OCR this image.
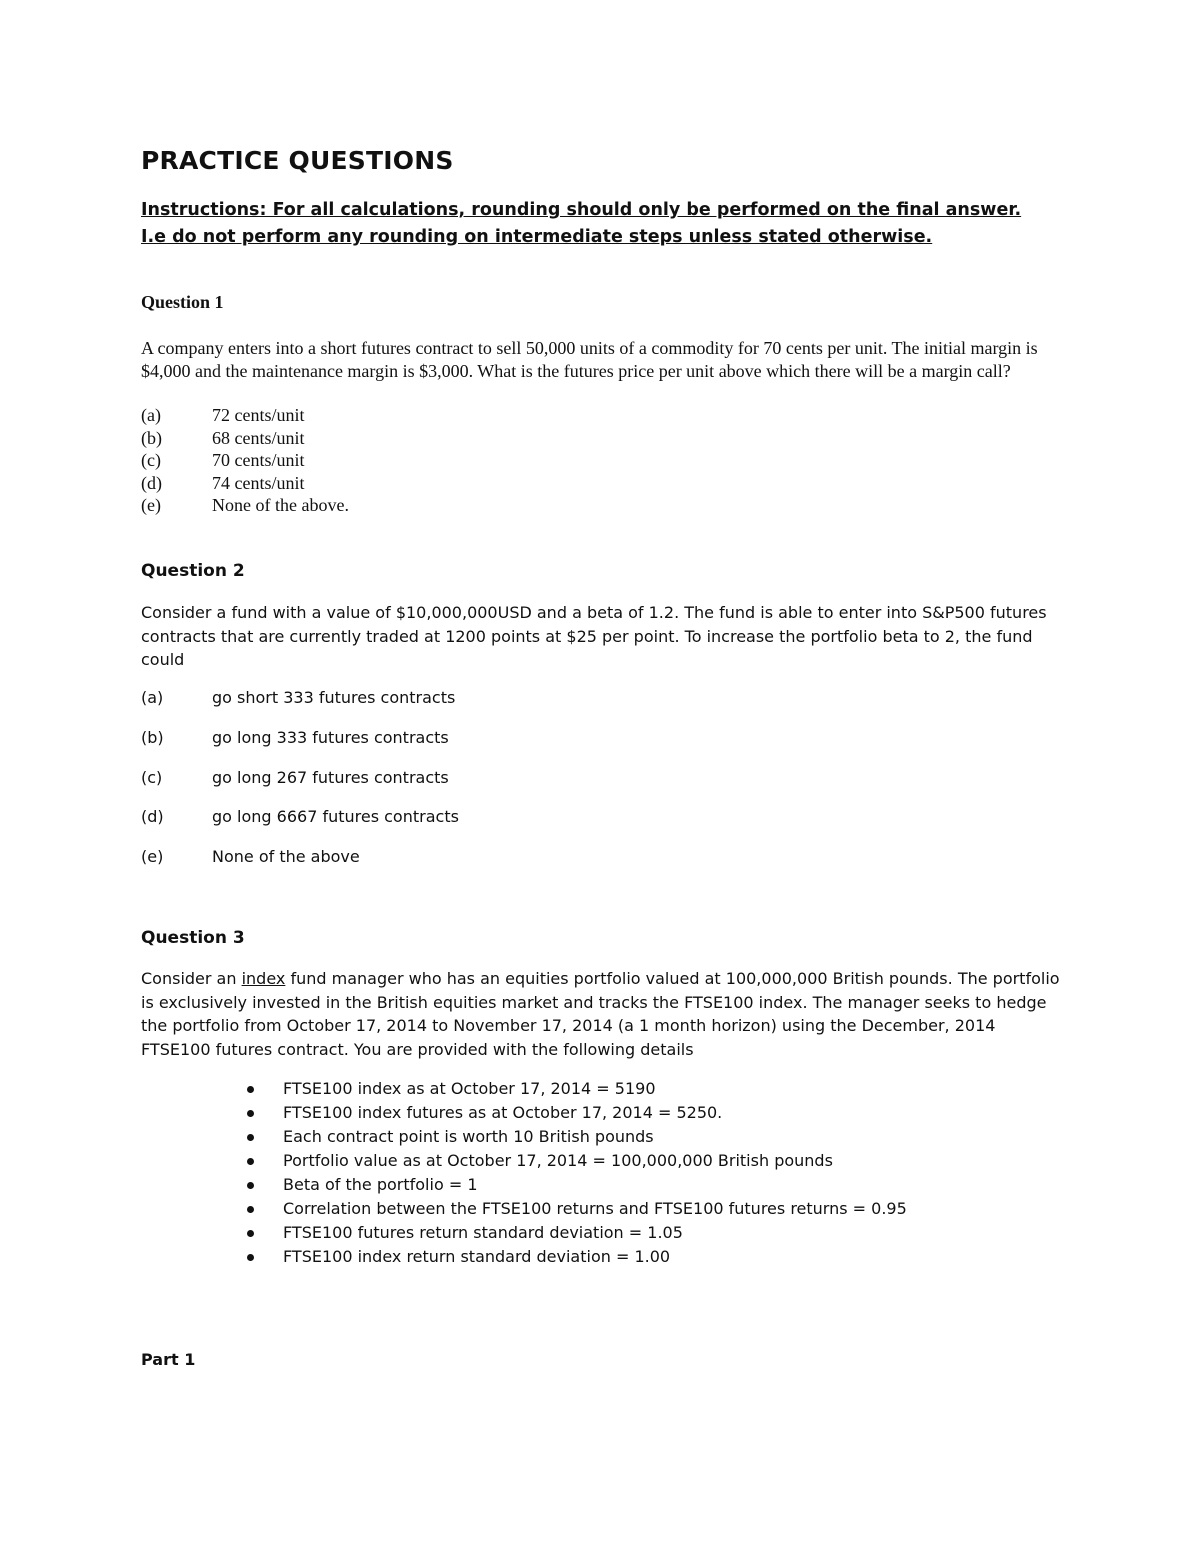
PRACTICE QUESTIONS
Instructions: For all calculations, rounding should only be performed on the final answer. I.e do not perform any rounding on intermediate steps unless stated otherwise.
Question 1
A company enters into a short futures contract to sell 50,000 units of a commodity for 70 cents per unit. The initial margin is $4,000 and the maintenance margin is $3,000. What is the futures price per unit above which there will be a margin call?
(a)	72 cents/unit
(b)	68 cents/unit
(c)	70 cents/unit
(d)	74 cents/unit
(e)	None of the above.
Question 2
Consider a fund with a value of $10,000,000USD and a beta of 1.2. The fund is able to enter into S&P500 futures contracts that are currently traded at 1200 points at $25 per point. To increase the portfolio beta to 2, the fund could
(a)	go short 333 futures contracts
(b)	go long 333 futures contracts
(c)	go long 267 futures contracts
(d)	go long 6667 futures contracts
(e)	None of the above
Question 3
Consider an index fund manager who has an equities portfolio valued at 100,000,000 British pounds. The portfolio is exclusively invested in the British equities market and tracks the FTSE100 index. The manager seeks to hedge the portfolio from October 17, 2014 to November 17, 2014 (a 1 month horizon) using the December, 2014 FTSE100 futures contract. You are provided with the following details
FTSE100 index as at October 17, 2014 = 5190
FTSE100 index futures as at October 17, 2014 = 5250.
Each contract point is worth 10 British pounds
Portfolio value as at October 17, 2014 = 100,000,000 British pounds
Beta of the portfolio = 1
Correlation between the FTSE100 returns and FTSE100 futures returns = 0.95
FTSE100 futures return standard deviation = 1.05
FTSE100 index return standard deviation = 1.00
Part 1
